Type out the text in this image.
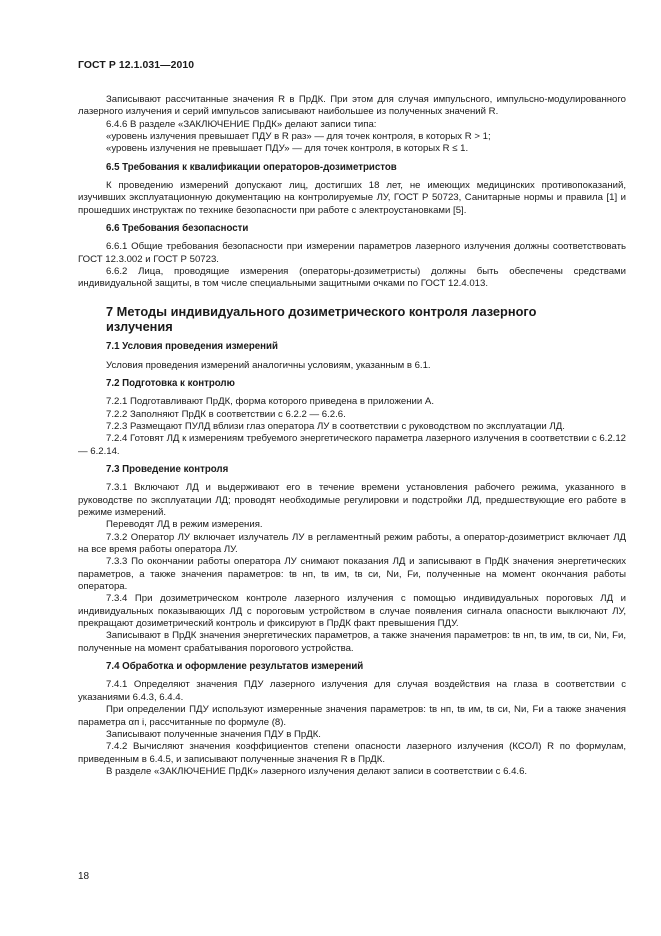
ГОСТ Р 12.1.031—2010

Записывают рассчитанные значения R в ПрДК. При этом для случая импульсного, импульсно-модулированного лазерного излучения и серий импульсов записывают наибольшее из полученных значений R.

6.4.6 В разделе «ЗАКЛЮЧЕНИЕ ПрДК» делают записи типа:

«уровень излучения превышает ПДУ в R раз» — для точек контроля, в которых R > 1;

«уровень излучения не превышает ПДУ» — для точек контроля, в которых R ≤ 1.

6.5 Требования к квалификации операторов-дозиметристов

К проведению измерений допускают лиц, достигших 18 лет, не имеющих медицинских противопоказаний, изучивших эксплуатационную документацию на контролируемые ЛУ, ГОСТ Р 50723, Санитарные нормы и правила [1] и прошедших инструктаж по технике безопасности при работе с электроустановками [5].

6.6 Требования безопасности

6.6.1 Общие требования безопасности при измерении параметров лазерного излучения должны соответствовать ГОСТ 12.3.002 и ГОСТ Р 50723.

6.6.2 Лица, проводящие измерения (операторы-дозиметристы) должны быть обеспечены средствами индивидуальной защиты, в том числе специальными защитными очками по ГОСТ 12.4.013.

7 Методы индивидуального дозиметрического контроля лазерного излучения

7.1 Условия проведения измерений

Условия проведения измерений аналогичны условиям, указанным в 6.1.

7.2 Подготовка к контролю

7.2.1 Подготавливают ПрДК, форма которого приведена в приложении А.

7.2.2 Заполняют ПрДК в соответствии с 6.2.2 — 6.2.6.

7.2.3 Размещают ПУЛД вблизи глаз оператора ЛУ в соответствии с руководством по эксплуатации ЛД.

7.2.4 Готовят ЛД к измерениям требуемого энергетического параметра лазерного излучения в соответствии с 6.2.12 — 6.2.14.

7.3 Проведение контроля

7.3.1 Включают ЛД и выдерживают его в течение времени установления рабочего режима, указанного в руководстве по эксплуатации ЛД; проводят необходимые регулировки и подстройки ЛД, предшествующие его работе в режиме измерений.

Переводят ЛД в режим измерения.

7.3.2 Оператор ЛУ включает излучатель ЛУ в регламентный режим работы, а оператор-дозиметрист включает ЛД на все время работы оператора ЛУ.

7.3.3 По окончании работы оператора ЛУ снимают показания ЛД и записывают в ПрДК значения энергетических параметров, а также значения параметров: tв нп, tв им, tв си, Nи, Fи, полученные на момент окончания работы оператора.

7.3.4 При дозиметрическом контроле лазерного излучения с помощью индивидуальных пороговых ЛД и индивидуальных показывающих ЛД с пороговым устройством в случае появления сигнала опасности выключают ЛУ, прекращают дозиметрический контроль и фиксируют в ПрДК факт превышения ПДУ.

Записывают в ПрДК значения энергетических параметров, а также значения параметров: tв нп, tв им, tв си, Nи, Fи, полученные на момент срабатывания порогового устройства.

7.4 Обработка и оформление результатов измерений

7.4.1 Определяют значения ПДУ лазерного излучения для случая воздействия на глаза в соответствии с указаниями 6.4.3, 6.4.4.

При определении ПДУ используют измеренные значения параметров: tв нп, tв им, tв си, Nи, Fи а также значения параметра αп i, рассчитанные по формуле (8).

Записывают полученные значения ПДУ в ПрДК.

7.4.2 Вычисляют значения коэффициентов степени опасности лазерного излучения (КСОЛ) R по формулам, приведенным в 6.4.5, и записывают полученные значения R в ПрДК.

В разделе «ЗАКЛЮЧЕНИЕ ПрДК» лазерного излучения делают записи в соответствии с 6.4.6.

18
